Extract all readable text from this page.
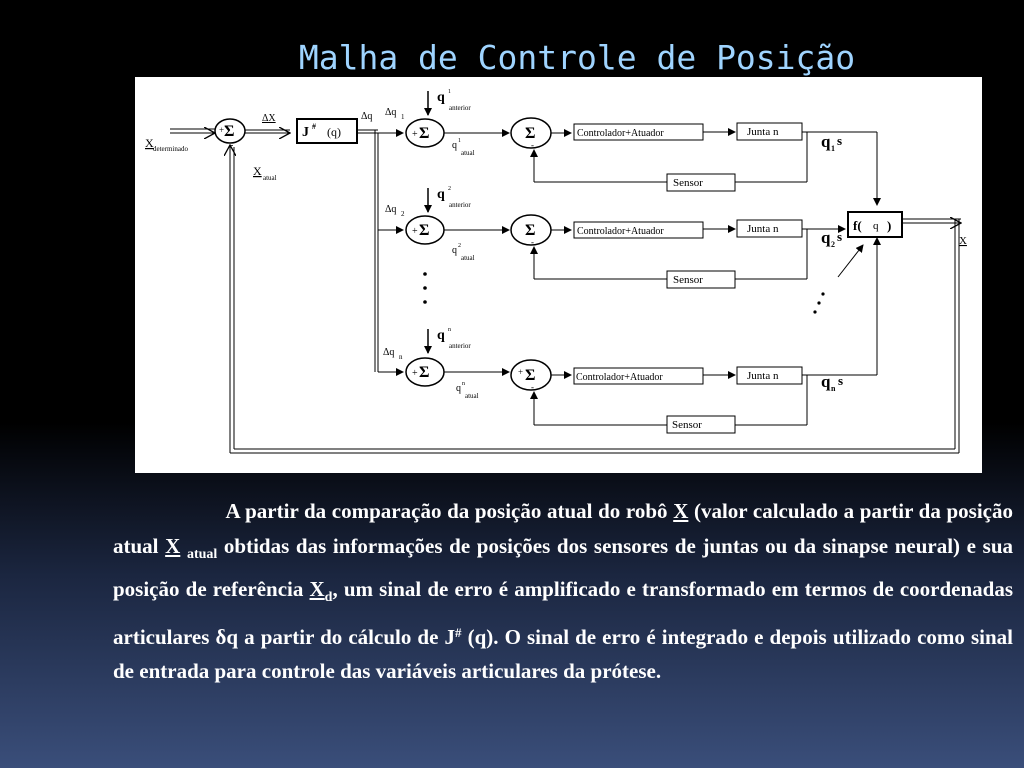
Malha de Controle de Posição
X determinado
Σ
+
-
ΔX
J # (q)
Δq
X atual
Δq 1
q 1
anterior
Σ
+
q 1
atual
Σ
-
Controlador+Atuador	Junta n	q 1
s
Sensor
Δq 2
q 2
anterior
Σ
+
q 2
atual
Σ
-
Controlador+Atuador	Junta n	q 2
s
Sensor
Δq n
q n
anterior
Σ
+
q n
atual
Σ
+
-
Controlador+Atuador	Junta n	q n
s
Sensor
f( q )
X

A partir da comparação da posição atual do robô X (valor calculado a partir da posição atual X $_{atual}$ obtidas das informações de posições dos sensores de juntas ou da sinapse neural) e sua posição de referência $X_d$, um sinal de erro é amplificado e transformado em termos de coordenadas articulares δq a partir do cálculo de J# (q). O sinal de erro é integrado e depois utilizado como sinal de entrada para controle das variáveis articulares da prótese.
